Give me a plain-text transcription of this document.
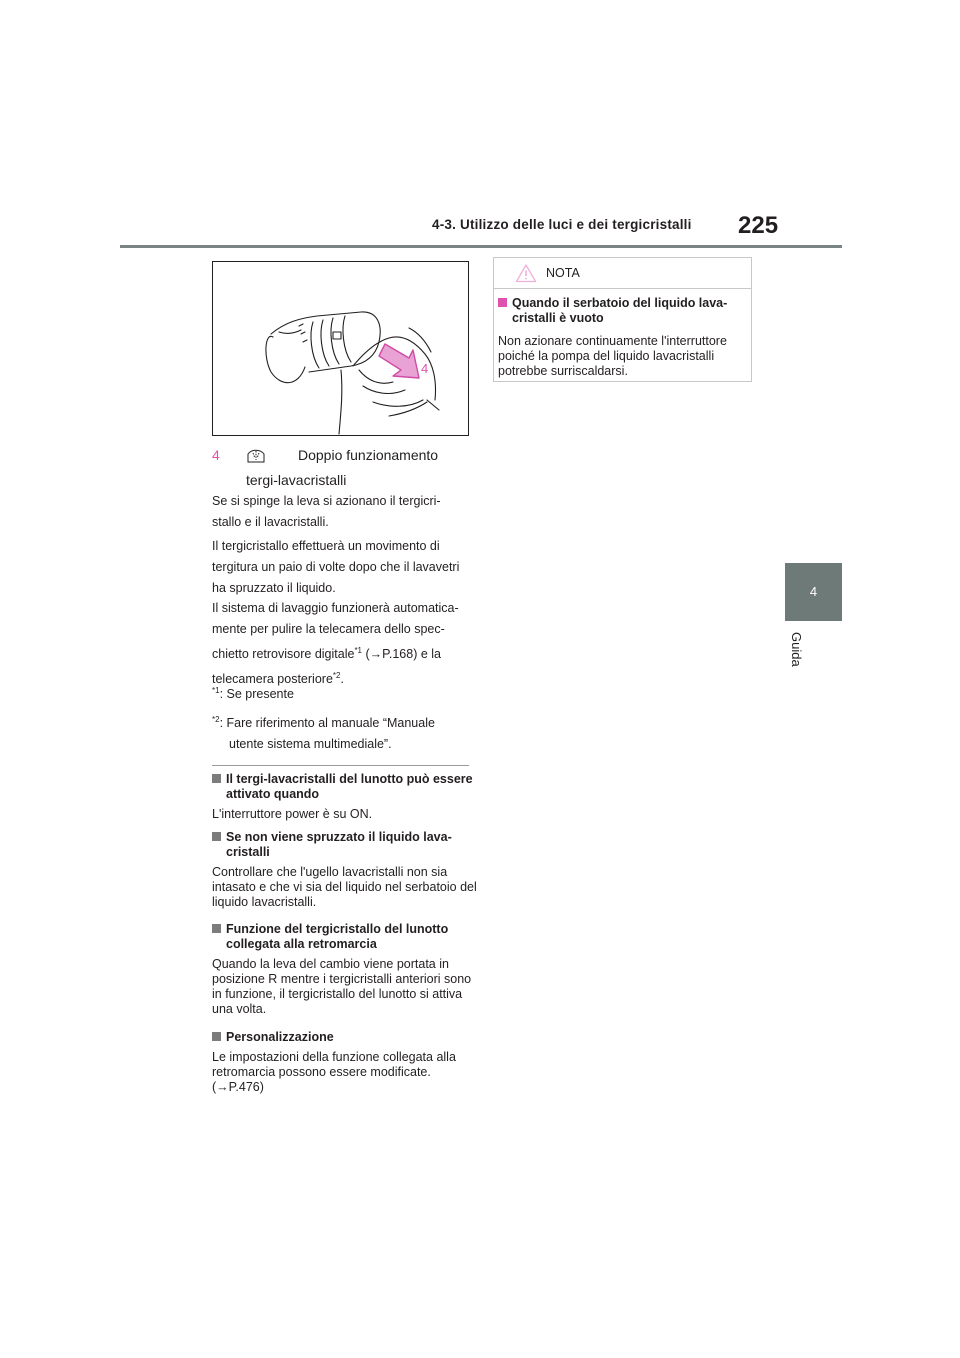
4-3. Utilizzo delle luci e dei tergicristalli 225
4
Guida
4
4	Doppio funzionamento
tergi-lavacristalli
Se si spinge la leva si azionano il tergicri-
stallo e il lavacristalli.
Il tergicristallo effettuerà un movimento di
tergitura un paio di volte dopo che il lavavetri
ha spruzzato il liquido.
Il sistema di lavaggio funzionerà automatica-
mente per pulire la telecamera dello spec-
chietto retrovisore digitale$^{*1}$ (→P.168) e la
telecamera posteriore$^{*2}$.
$^{*1}$: Se presente
$^{*2}$: Fare riferimento al manuale “Manuale
utente sistema multimediale”.
Il tergi-lavacristalli del lunotto può essere attivato quando
L'interruttore power è su ON.
Se non viene spruzzato il liquido lava-cristalli
Controllare che l'ugello lavacristalli non sia intasato e che vi sia del liquido nel serbatoio del liquido lavacristalli.
Funzione del tergicristallo del lunotto collegata alla retromarcia
Quando la leva del cambio viene portata in posizione R mentre i tergicristalli anteriori sono in funzione, il tergicristallo del lunotto si attiva una volta.
Personalizzazione
Le impostazioni della funzione collegata alla retromarcia possono essere modificate. (→P.476)
NOTA
Quando il serbatoio del liquido lava-cristalli è vuoto
Non azionare continuamente l'interruttore poiché la pompa del liquido lavacristalli potrebbe surriscaldarsi.
